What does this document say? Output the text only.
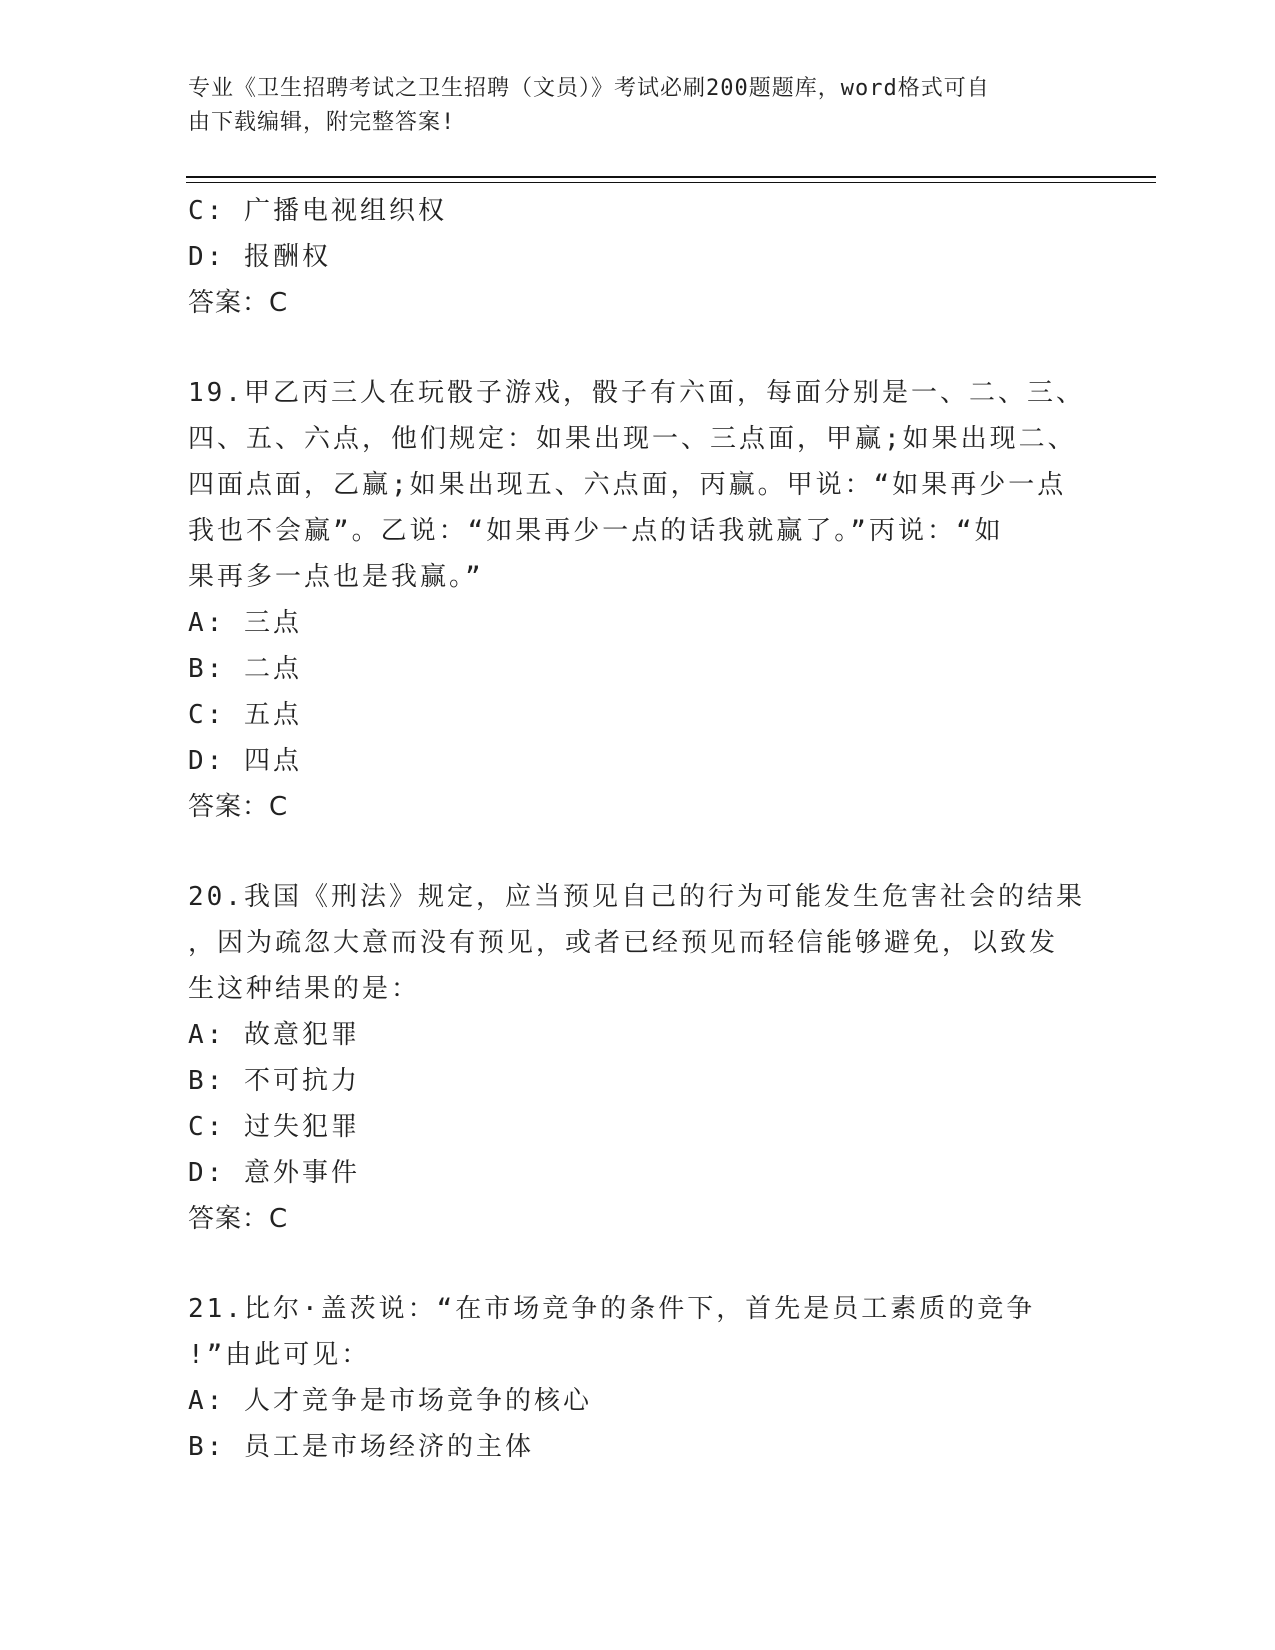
专业《卫生招聘考试之卫生招聘（文员）》考试必刷200题题库，word格式可自
由下载编辑，附完整答案!
C: 广播电视组织权
D: 报酬权
答案：C
19.甲乙丙三人在玩骰子游戏，骰子有六面，每面分别是一、二、三、
四、五、六点，他们规定：如果出现一、三点面，甲赢;如果出现二、
四面点面，乙赢;如果出现五、六点面，丙赢。甲说：“如果再少一点
我也不会赢”。乙说：“如果再少一点的话我就赢了。”丙说：“如
果再多一点也是我赢。”
A: 三点
B: 二点
C: 五点
D: 四点
答案：C
20.我国《刑法》规定，应当预见自己的行为可能发生危害社会的结果
，因为疏忽大意而没有预见，或者已经预见而轻信能够避免，以致发
生这种结果的是：
A: 故意犯罪
B: 不可抗力
C: 过失犯罪
D: 意外事件
答案：C
21.比尔·盖茨说：“在市场竞争的条件下，首先是员工素质的竞争
!”由此可见：
A: 人才竞争是市场竞争的核心
B: 员工是市场经济的主体
